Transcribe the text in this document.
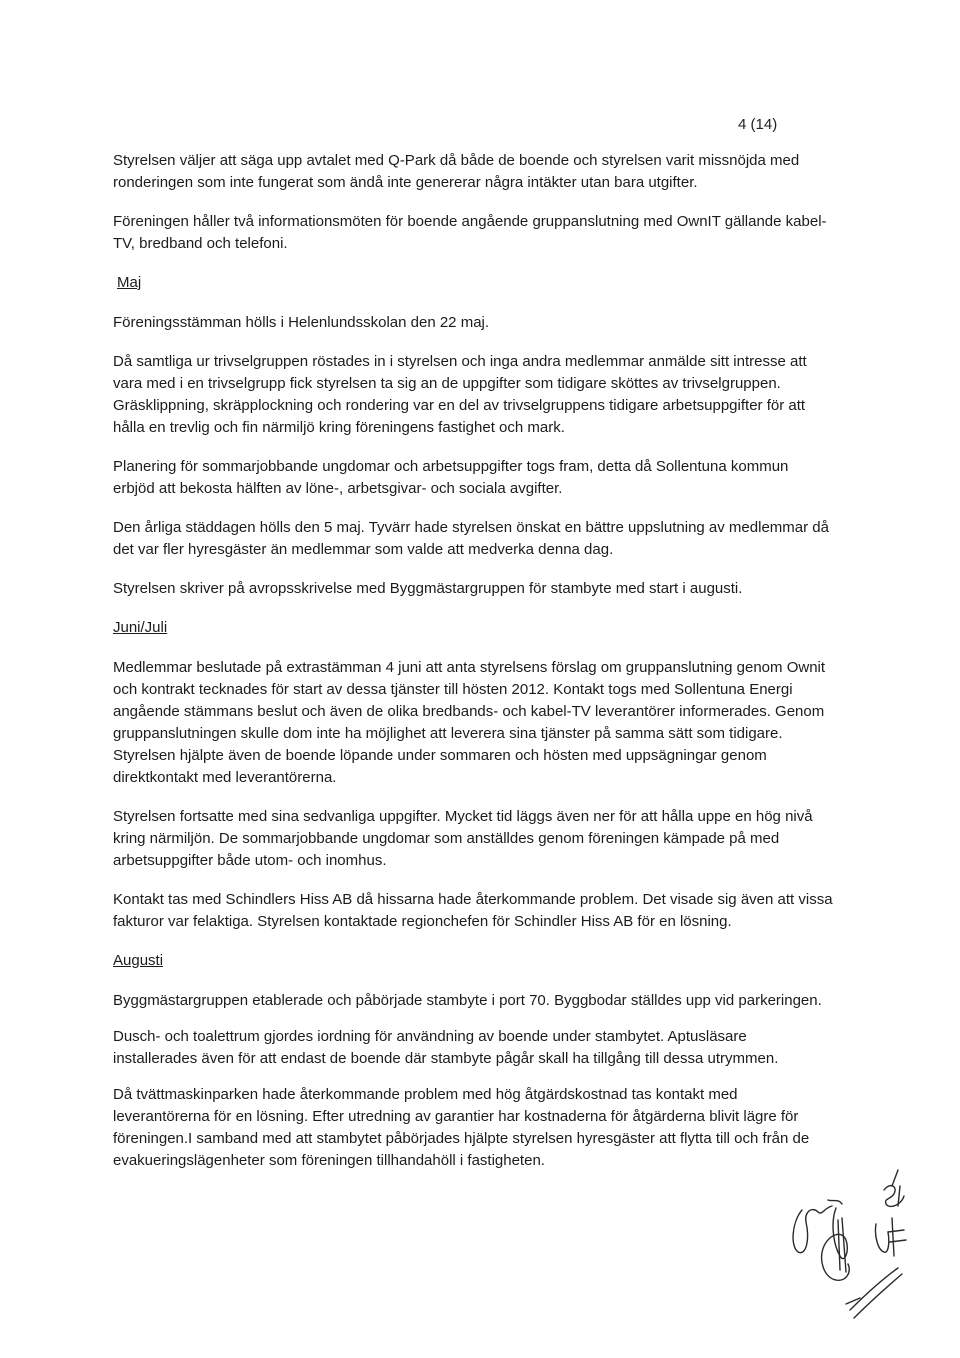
4 (14)

Styrelsen väljer att säga upp avtalet med Q-Park då både de boende och styrelsen varit missnöjda med ronderingen som inte fungerat som ändå inte genererar några intäkter utan bara utgifter.

Föreningen håller två informationsmöten för boende angående gruppanslutning med OwnIT gällande kabel-TV, bredband och telefoni.

Maj

Föreningsstämman hölls i Helenlundsskolan den 22 maj.

Då samtliga ur trivselgruppen röstades in i styrelsen och inga andra medlemmar anmälde sitt intresse att vara med i en trivselgrupp fick styrelsen ta sig an de uppgifter som tidigare sköttes av trivselgruppen. Gräsklippning, skräpplockning och rondering var en del av trivselgruppens tidigare arbetsuppgifter för att hålla en trevlig och fin närmiljö kring föreningens fastighet och mark.

Planering för sommarjobbande ungdomar och arbetsuppgifter togs fram, detta då Sollentuna kommun erbjöd att bekosta hälften av löne-, arbetsgivar- och sociala avgifter.

Den årliga städdagen hölls den 5 maj. Tyvärr hade styrelsen önskat en bättre uppslutning av medlemmar då det var fler hyresgäster än medlemmar som valde att medverka denna dag.

Styrelsen skriver på avropsskrivelse med Byggmästargruppen för stambyte med start i augusti.

Juni/Juli

Medlemmar beslutade på extrastämman 4 juni att anta styrelsens förslag om gruppanslutning genom Ownit och kontrakt tecknades för start av dessa tjänster till hösten 2012. Kontakt togs med Sollentuna Energi angående stämmans beslut och även de olika bredbands- och kabel-TV leverantörer informerades. Genom gruppanslutningen skulle dom inte ha möjlighet att leverera sina tjänster på samma sätt som tidigare. Styrelsen hjälpte även de boende löpande under sommaren och hösten med uppsägningar genom direktkontakt med leverantörerna.

Styrelsen fortsatte med sina sedvanliga uppgifter. Mycket tid läggs även ner för att hålla uppe en hög nivå kring närmiljön. De sommarjobbande ungdomar som anställdes genom föreningen kämpade på med arbetsuppgifter både utom- och inomhus.

Kontakt tas med Schindlers Hiss AB då hissarna hade återkommande problem. Det visade sig även att vissa fakturor var felaktiga. Styrelsen kontaktade regionchefen för Schindler Hiss AB för en lösning.

Augusti

Byggmästargruppen etablerade och påbörjade stambyte i port 70. Byggbodar ställdes upp vid parkeringen.

Dusch- och toalettrum gjordes iordning för användning av boende under stambytet. Aptusläsare installerades även för att endast de boende där stambyte pågår skall ha tillgång till dessa utrymmen.

Då tvättmaskinparken hade återkommande problem med hög åtgärdskostnad tas kontakt med leverantörerna för en lösning. Efter utredning av garantier har kostnaderna för åtgärderna blivit lägre för föreningen.I samband med att stambytet påbörjades hjälpte styrelsen hyresgäster att flytta till och från de evakueringslägenheter som föreningen tillhandahöll i fastigheten.
